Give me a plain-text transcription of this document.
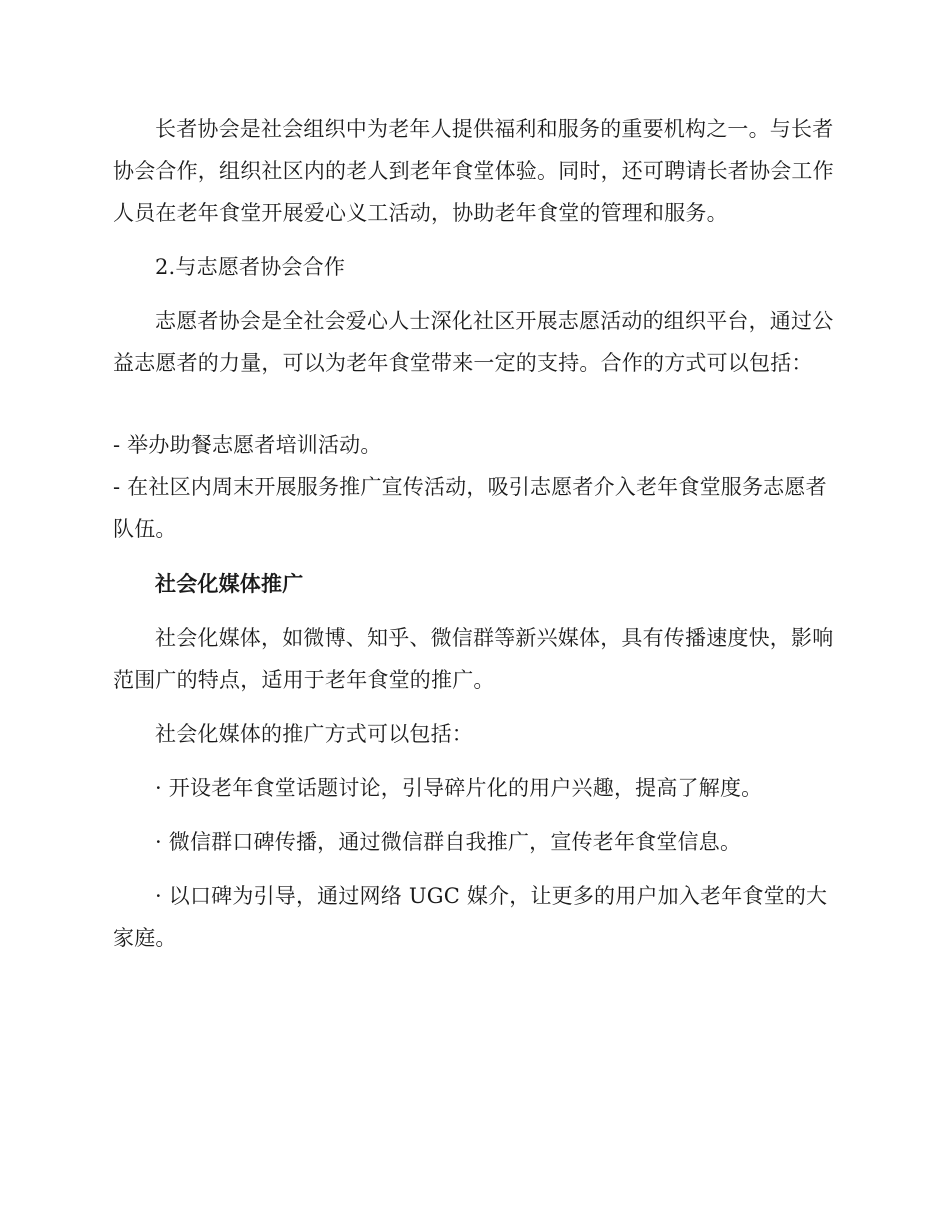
长者协会是社会组织中为老年人提供福利和服务的重要机构之一。与长者协会合作，组织社区内的老人到老年食堂体验。同时，还可聘请长者协会工作人员在老年食堂开展爱心义工活动，协助老年食堂的管理和服务。

2.与志愿者协会合作

志愿者协会是全社会爱心人士深化社区开展志愿活动的组织平台，通过公益志愿者的力量，可以为老年食堂带来一定的支持。合作的方式可以包括：

- 举办助餐志愿者培训活动。

- 在社区内周末开展服务推广宣传活动，吸引志愿者介入老年食堂服务志愿者队伍。

社会化媒体推广

社会化媒体，如微博、知乎、微信群等新兴媒体，具有传播速度快，影响范围广的特点，适用于老年食堂的推广。

社会化媒体的推广方式可以包括：

· 开设老年食堂话题讨论，引导碎片化的用户兴趣，提高了解度。

· 微信群口碑传播，通过微信群自我推广，宣传老年食堂信息。

· 以口碑为引导，通过网络 UGC 媒介，让更多的用户加入老年食堂的大家庭。
